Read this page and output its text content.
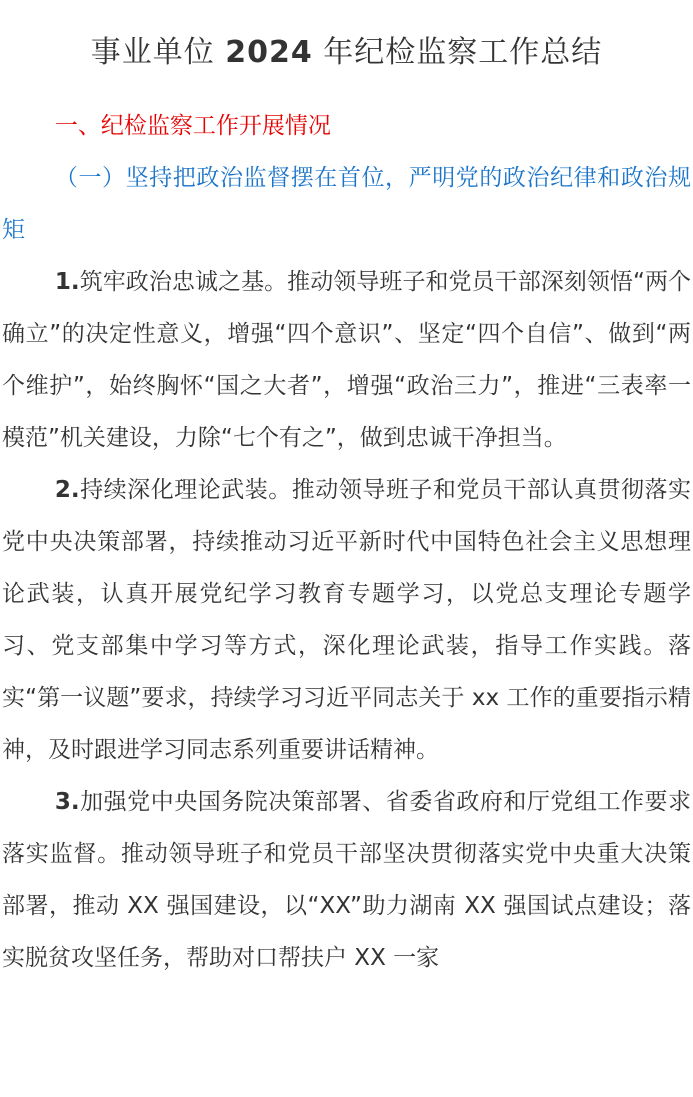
事业单位 2024 年纪检监察工作总结

一、纪检监察工作开展情况

（一）坚持把政治监督摆在首位，严明党的政治纪律和政治规矩

1.筑牢政治忠诚之基。推动领导班子和党员干部深刻领悟“两个确立”的决定性意义，增强“四个意识”、坚定“四个自信”、做到“两个维护”，始终胸怀“国之大者”，增强“政治三力”，推进“三表率一模范”机关建设，力除“七个有之”，做到忠诚干净担当。

2.持续深化理论武装。推动领导班子和党员干部认真贯彻落实党中央决策部署，持续推动习近平新时代中国特色社会主义思想理论武装，认真开展党纪学习教育专题学习，以党总支理论专题学习、党支部集中学习等方式，深化理论武装，指导工作实践。落实“第一议题”要求，持续学习习近平同志关于 xx 工作的重要指示精神，及时跟进学习同志系列重要讲话精神。

3.加强党中央国务院决策部署、省委省政府和厅党组工作要求落实监督。推动领导班子和党员干部坚决贯彻落实党中央重大决策部署，推动 XX 强国建设，以“XX”助力湖南 XX 强国试点建设；落实脱贫攻坚任务，帮助对口帮扶户 XX 一家
